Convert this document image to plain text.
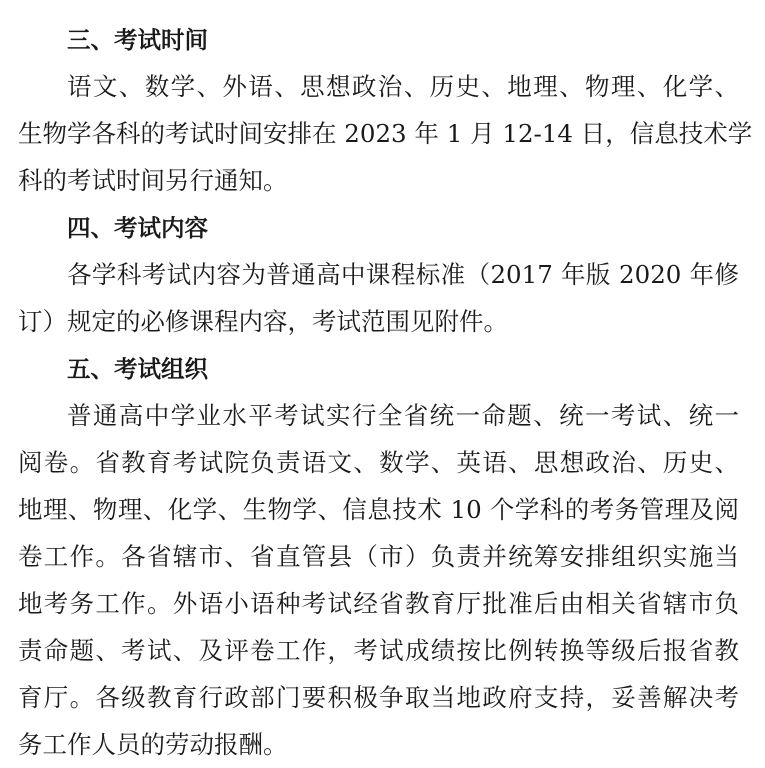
三、考试时间
语文、数学、外语、思想政治、历史、地理、物理、化学、
生物学各科的考试时间安排在 2023 年 1 月 12-14 日，信息技术学
科的考试时间另行通知。
四、考试内容
各学科考试内容为普通高中课程标准（2017 年版 2020 年修
订）规定的必修课程内容，考试范围见附件。
五、考试组织
普通高中学业水平考试实行全省统一命题、统一考试、统一
阅卷。省教育考试院负责语文、数学、英语、思想政治、历史、
地理、物理、化学、生物学、信息技术 10 个学科的考务管理及阅
卷工作。各省辖市、省直管县（市）负责并统筹安排组织实施当
地考务工作。外语小语种考试经省教育厅批准后由相关省辖市负
责命题、考试、及评卷工作，考试成绩按比例转换等级后报省教
育厅。各级教育行政部门要积极争取当地政府支持，妥善解决考
务工作人员的劳动报酬。
